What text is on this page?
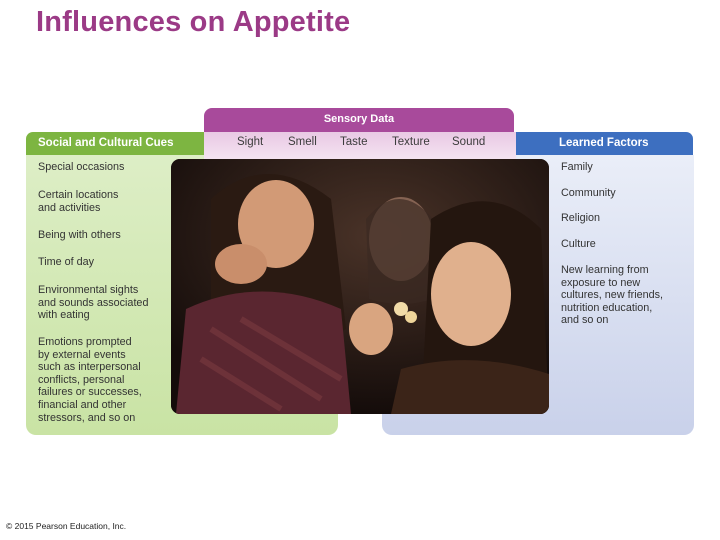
Influences on Appetite
Social and Cultural Cues
Special occasions
Certain locations
and activities
Being with others
Time of day
Environmental sights
and sounds associated
with eating
Emotions prompted
by external events
such as interpersonal
conflicts, personal
failures or successes,
financial and other
stressors, and so on
Learned Factors
Family
Community
Religion
Culture
New learning from
exposure to new
cultures, new friends,
nutrition education,
and so on
Sensory Data
Sight Smell Taste Texture Sound
© 2015 Pearson Education, Inc.
